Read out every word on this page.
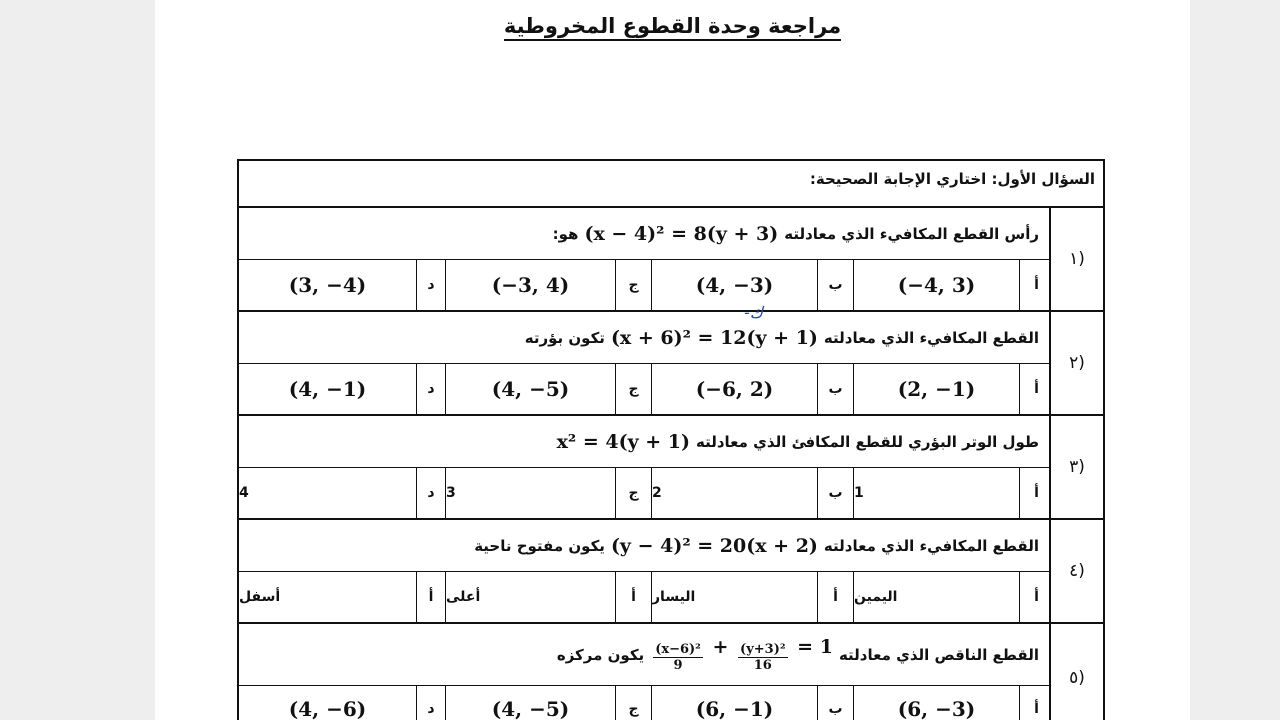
مراجعة وحدة القطوع المخروطية
السؤال الأول: اختاري الإجابة الصحيحة:
١)
رأس القطع المكافيء الذي معادلته
(x − 4)² = 8(y + 3)
هو:
أ
(−4, 3)
ب
(4, −3)
ج
(−3, 4)
د
(3, −4)
٢)
القطع المكافيء الذي معادلته
(x + 6)² = 12(y + 1)
تكون بؤرته
أ
(2, −1)
ب
(−6, 2)
ج
(4, −5)
د
(4, −1)
٣)
طول الوتر البؤري للقطع المكافئ الذي معادلته
x² = 4(y + 1)
أ
1
ب
2
ج
3
د
4
٤)
القطع المكافيء الذي معادلته
(y − 4)² = 20(x + 2)
يكون مفتوح ناحية
أ
اليمين
أ
اليسار
أ
أعلى
أ
أسفل
٥)
القطع الناقص الذي معادلته
$\frac{\text{(x−6)²}}{9} + \frac{\text{(y+3)²}}{16} = 1$
يكون مركزه
أ
(6, −3)
ب
(6, −1)
ج
(4, −5)
د
(4, −6)
-ك
